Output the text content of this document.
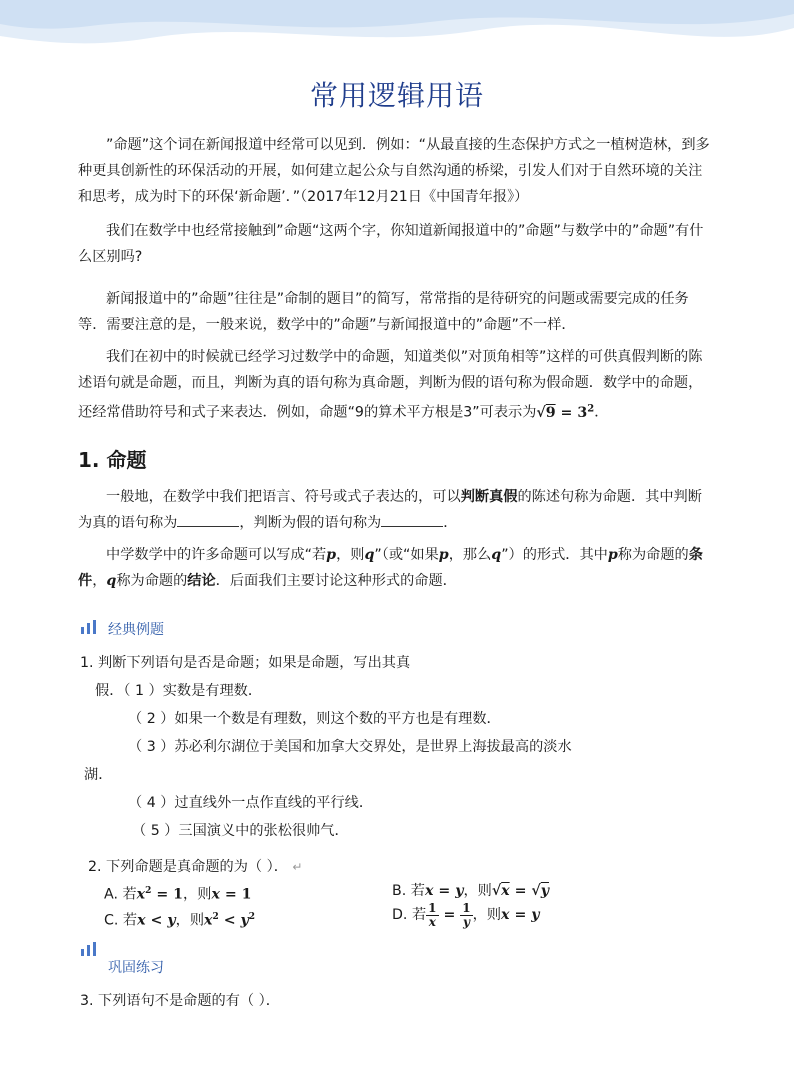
常用逻辑用语

”命题”这个词在新闻报道中经常可以见到．例如：“从最直接的生态保护方式之一植树造林，到多种更具创新性的环保活动的开展，如何建立起公众与自然沟通的桥梁，引发人们对于自然环境的关注和思考，成为时下的环保‘新命题’．”（2017年12月21日《中国青年报》）

我们在数学中也经常接触到”命题“这两个字，你知道新闻报道中的”命题”与数学中的”命题”有什么区别吗?

新闻报道中的”命题”往往是”命制的题目”的简写，常常指的是待研究的问题或需要完成的任务等．需要注意的是，一般来说，数学中的”命题”与新闻报道中的”命题”不一样．

我们在初中的时候就已经学习过数学中的命题，知道类似”对顶角相等”这样的可供真假判断的陈述语句就是命题，而且，判断为真的语句称为真命题，判断为假的语句称为假命题．数学中的命题，还经常借助符号和式子来表达．例如，命题“9的算术平方根是3”可表示为$√9 = 3^2$．

1. 命题

一般地，在数学中我们把语言、符号或式子表达的，可以判断真假的陈述句称为命题．其中判断为真的语句称为	，判断为假的语句称为	．

中学数学中的许多命题可以写成“若p，则q”（或“如果p，那么q”）的形式．其中p称为命题的条件，q称为命题的结论．后面我们主要讨论这种形式的命题．

经典例题
1. 判断下列语句是否是命题；如果是命题，写出其真
假．（ 1 ）实数是有理数．
（ 2 ）如果一个数是有理数，则这个数的平方也是有理数．
（ 3 ）苏必利尔湖位于美国和加拿大交界处，是世界上海拔最高的淡水
湖．
（ 4 ）过直线外一点作直线的平行线．
（ 5 ）三国演义中的张松很帅气．
2. 下列命题是真命题的为（ ）． ↵
A. 若$x^2 = 1$，则x = 1	B. 若x = y，则√x = √y
C. 若x < y，则$x^2 < y^2$	D. 若 $\frac{1}{x} = \frac{1}{y}$ ，则x = y
巩固练习
3. 下列语句不是命题的有（ ）．
